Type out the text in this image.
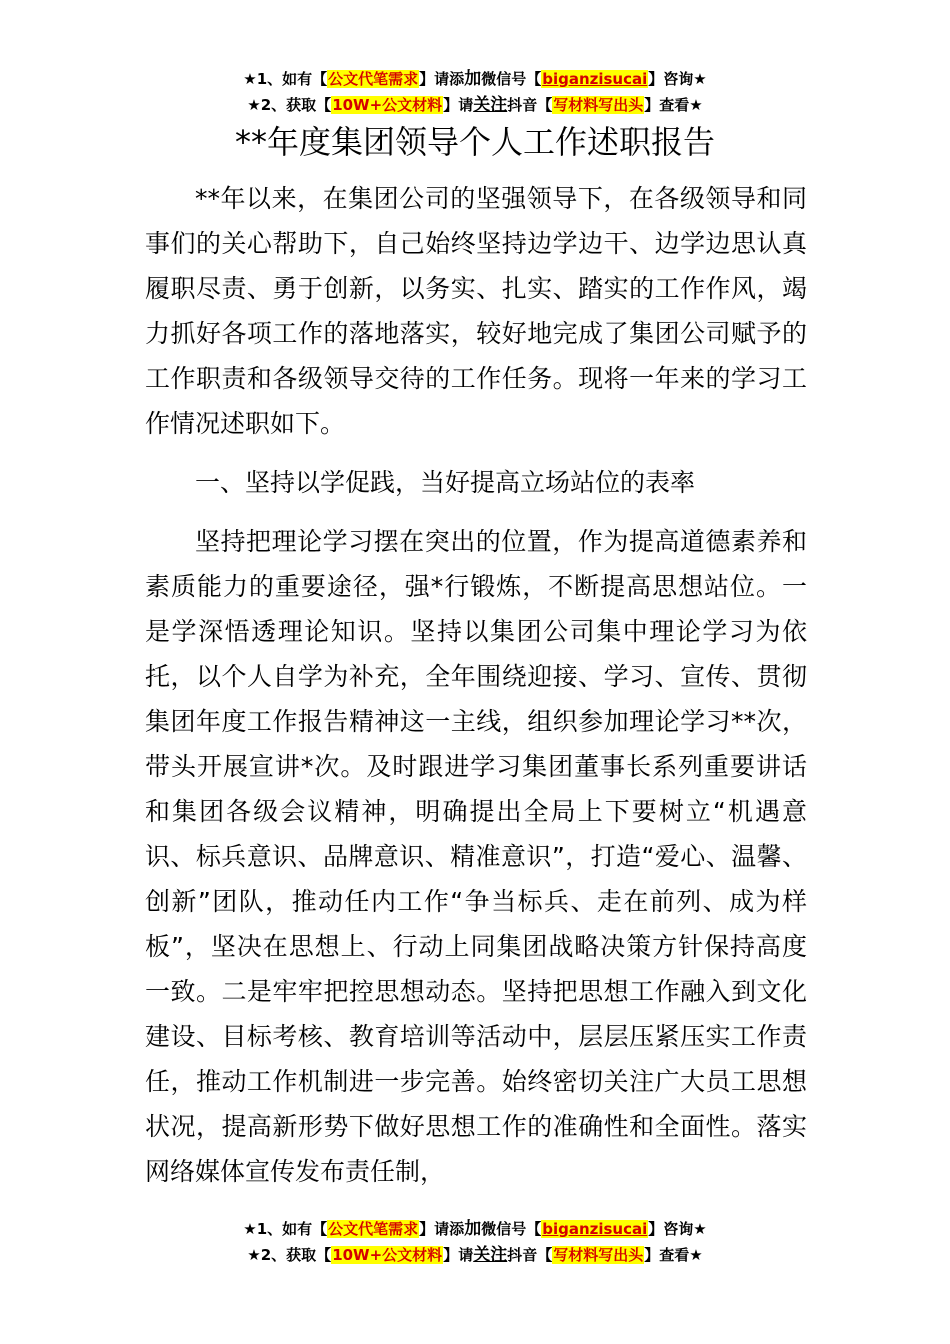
★1、如有【公文代笔需求】请添加微信号【biganzisucai】咨询★
★2、获取【10W+公文材料】请关注抖音【写材料写出头】查看★
**年度集团领导个人工作述职报告

**年以来，在集团公司的坚强领导下，在各级领导和同事们的关心帮助下，自己始终坚持边学边干、边学边思认真履职尽责、勇于创新，以务实、扎实、踏实的工作作风，竭力抓好各项工作的落地落实，较好地完成了集团公司赋予的工作职责和各级领导交待的工作任务。现将一年来的学习工作情况述职如下。

一、坚持以学促践，当好提高立场站位的表率

坚持把理论学习摆在突出的位置，作为提高道德素养和素质能力的重要途径，强*行锻炼，不断提高思想站位。一是学深悟透理论知识。坚持以集团公司集中理论学习为依托，以个人自学为补充，全年围绕迎接、学习、宣传、贯彻集团年度工作报告精神这一主线，组织参加理论学习**次，带头开展宣讲*次。及时跟进学习集团董事长系列重要讲话和集团各级会议精神，明确提出全局上下要树立“机遇意识、标兵意识、品牌意识、精准意识”，打造“爱心、温馨、创新”团队，推动任内工作“争当标兵、走在前列、成为样板”，坚决在思想上、行动上同集团战略决策方针保持高度一致。二是牢牢把控思想动态。坚持把思想工作融入到文化建设、目标考核、教育培训等活动中，层层压紧压实工作责任，推动工作机制进一步完善。始终密切关注广大员工思想状况，提高新形势下做好思想工作的准确性和全面性。落实网络媒体宣传发布责任制，

★1、如有【公文代笔需求】请添加微信号【biganzisucai】咨询★
★2、获取【10W+公文材料】请关注抖音【写材料写出头】查看★
